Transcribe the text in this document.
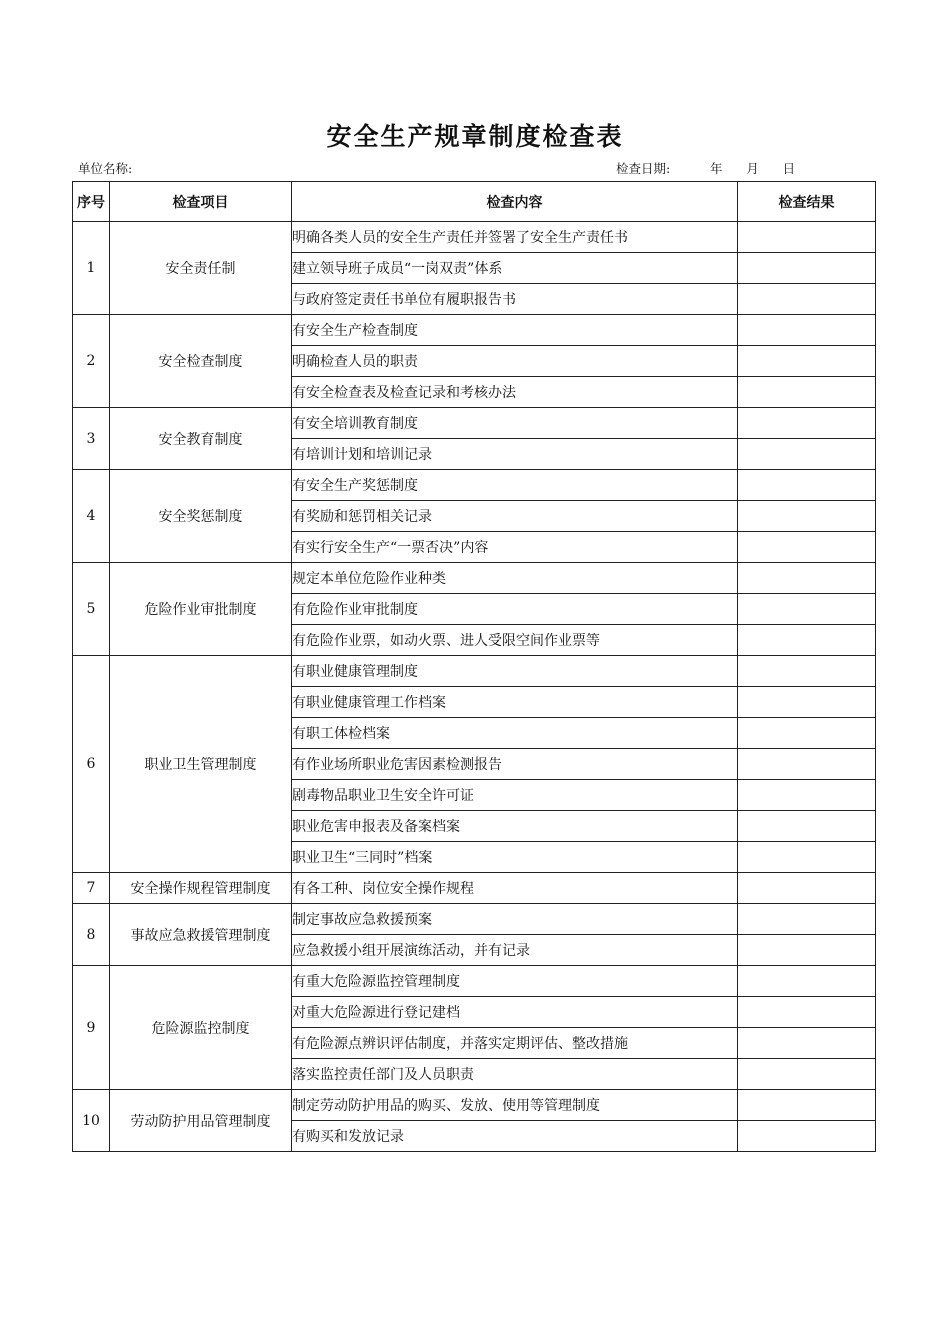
安全生产规章制度检查表
单位名称:	检查日期:	年 月 日
序号	检查项目	检查内容	检查结果
1	安全责任制	明确各类人员的安全生产责任并签署了安全生产责任书	
		建立领导班子成员“一岗双责”体系	
		与政府签定责任书单位有履职报告书	
2	安全检查制度	有安全生产检查制度	
		明确检查人员的职责	
		有安全检查表及检查记录和考核办法	
3	安全教育制度	有安全培训教育制度	
		有培训计划和培训记录	
4	安全奖惩制度	有安全生产奖惩制度	
		有奖励和惩罚相关记录	
		有实行安全生产“一票否决”内容	
5	危险作业审批制度	规定本单位危险作业种类	
		有危险作业审批制度	
		有危险作业票，如动火票、进人受限空间作业票等	
6	职业卫生管理制度	有职业健康管理制度	
		有职业健康管理工作档案	
		有职工体检档案	
		有作业场所职业危害因素检测报告	
		剧毒物品职业卫生安全许可证	
		职业危害申报表及备案档案	
		职业卫生“三同时”档案	
7	安全操作规程管理制度	有各工种、岗位安全操作规程	
8	事故应急救援管理制度	制定事故应急救援预案	
		应急救援小组开展演练活动，并有记录	
9	危险源监控制度	有重大危险源监控管理制度	
		对重大危险源进行登记建档	
		有危险源点辨识评估制度，并落实定期评估、整改措施	
		落实监控责任部门及人员职责	
10	劳动防护用品管理制度	制定劳动防护用品的购买、发放、使用等管理制度	
		有购买和发放记录	
